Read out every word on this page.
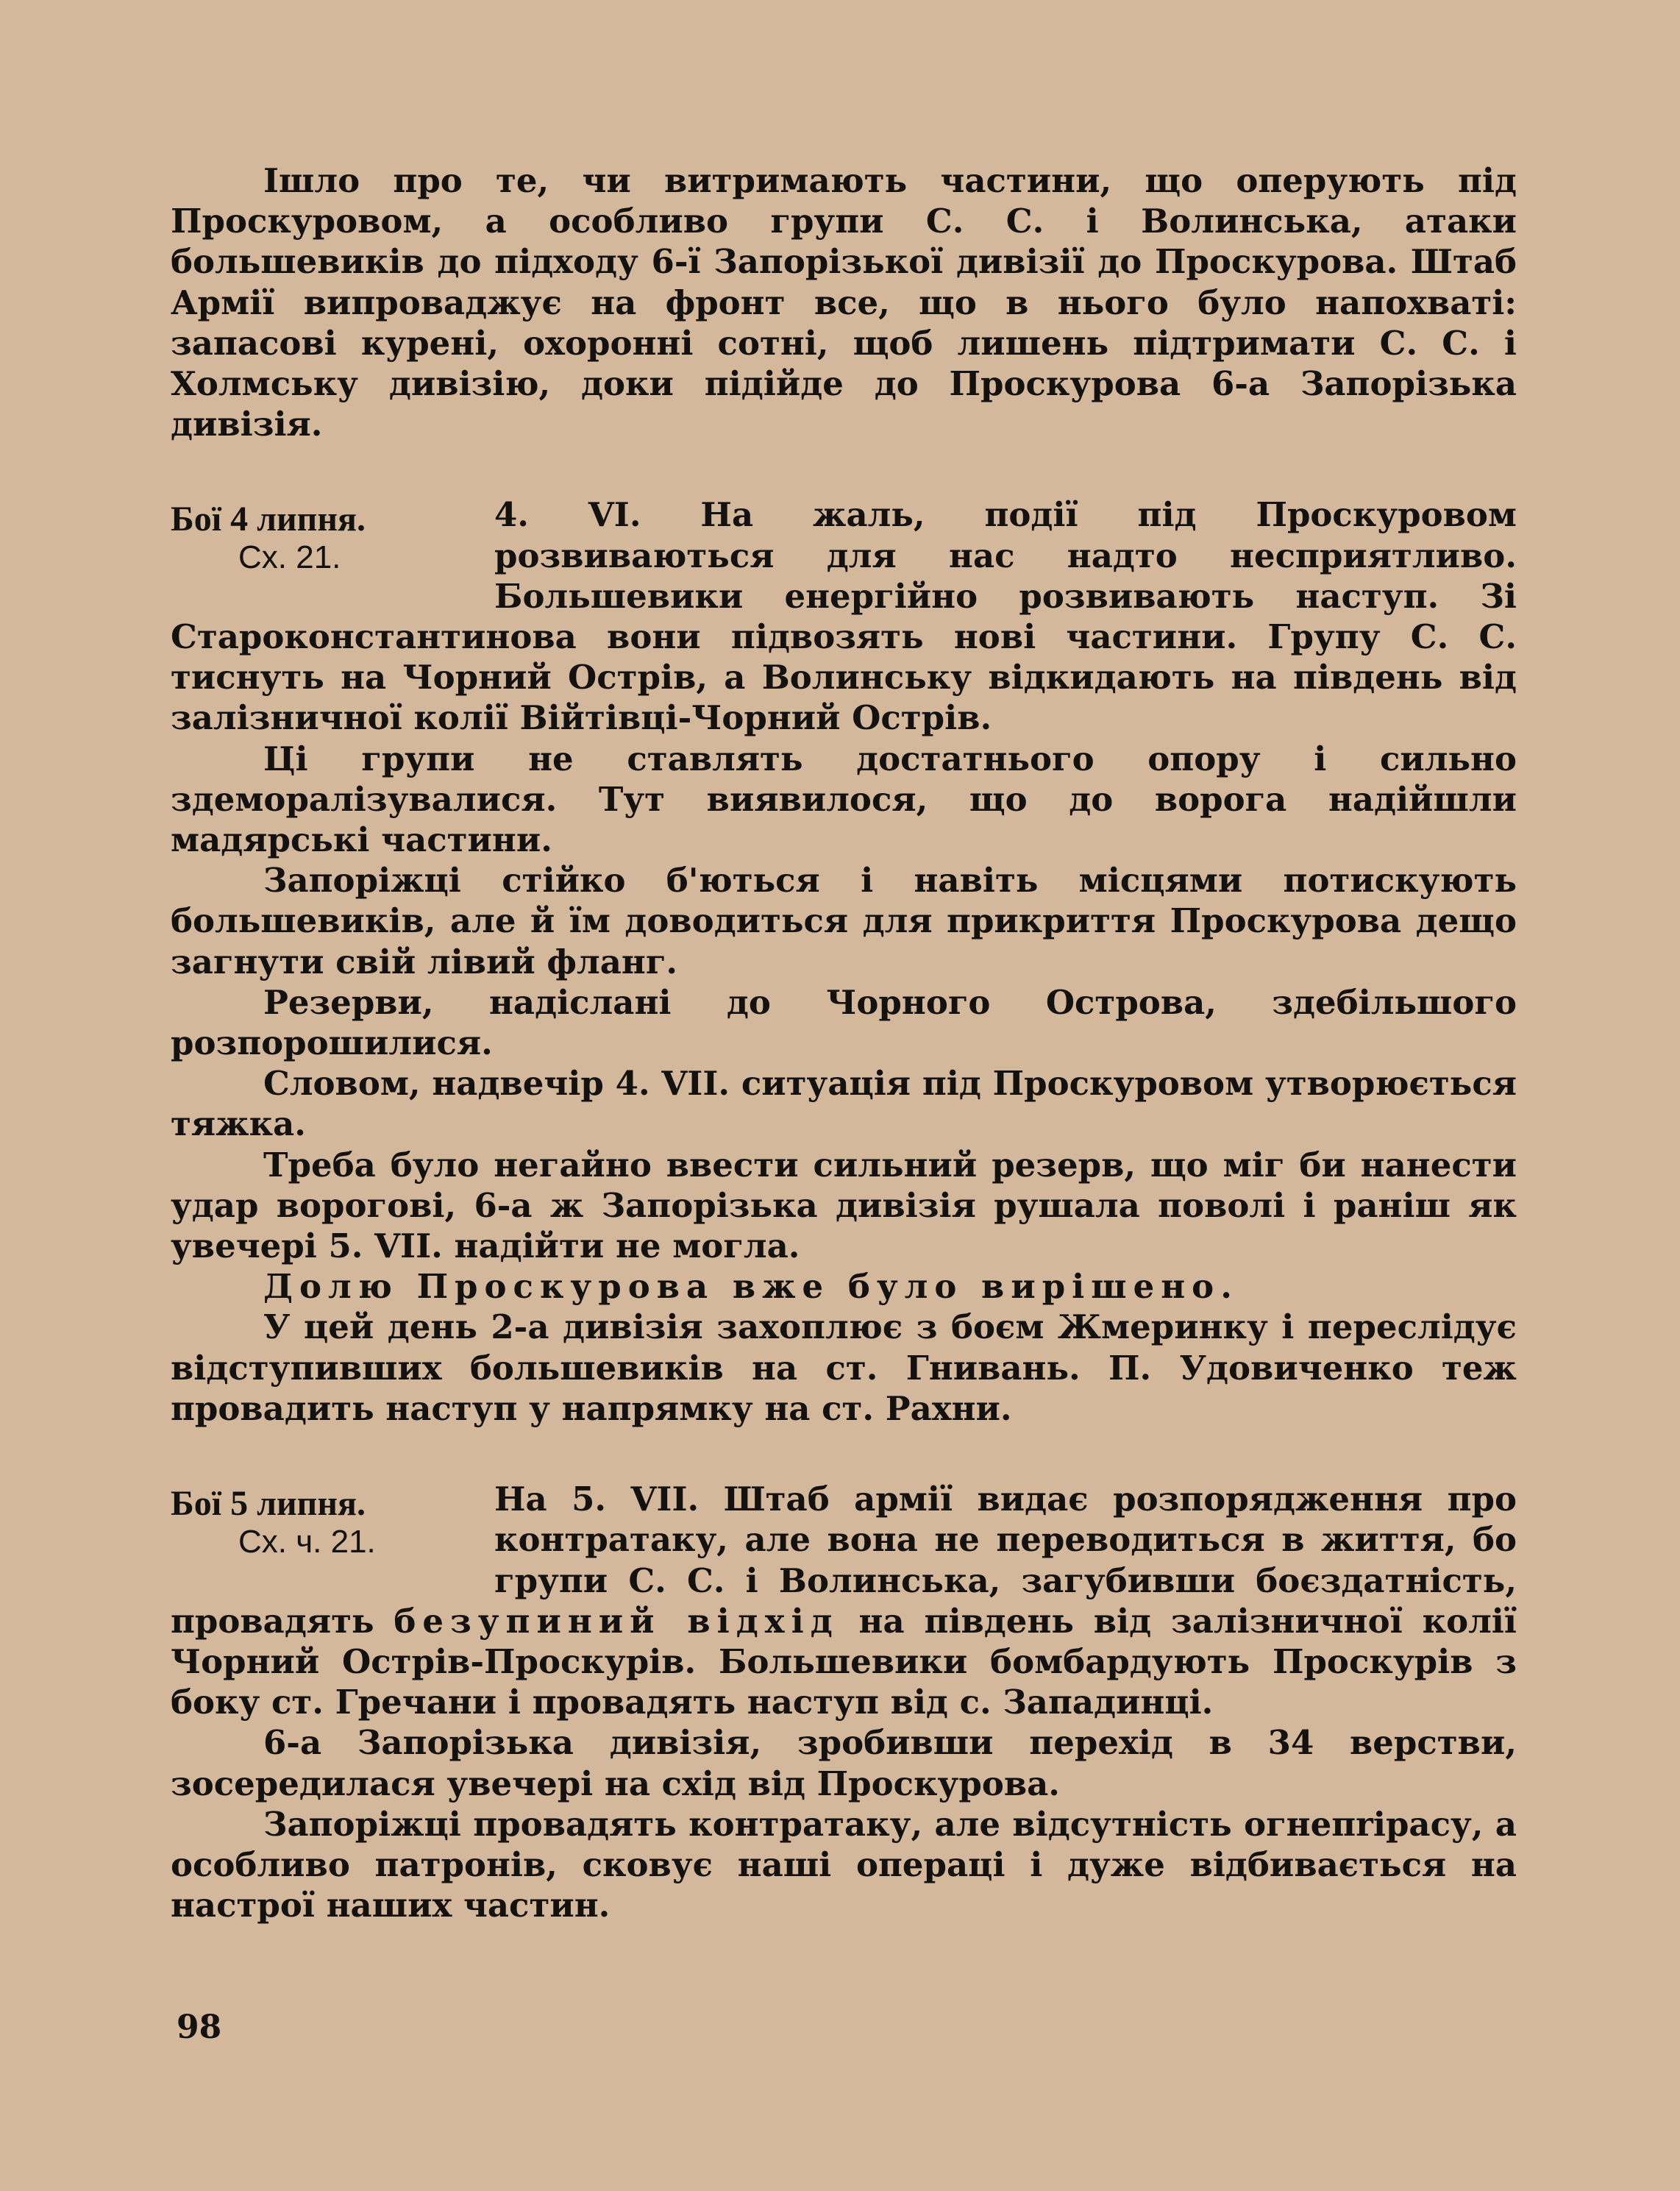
Ішло про те, чи витримають частини, що оперують під Проскуровом, а особливо групи С. С. і Волинська, атаки большевиків до підходу 6-ї Запорізької дивізії до Проскурова. Штаб Армії випроваджує на фронт все, що в нього було напохваті: запасові курені, охоронні сотні, щоб лишень підтримати С. С. і Холмську дивізію, доки підійде до Проскурова 6-а Запорізька дивізія.

Бої 4 липня.
Сх. 21.

4. VI. На жаль, події під Проскуровом розвиваються для нас надто несприятливо. Большевики енергійно розвивають наступ. Зі Староконстантинова вони підвозять нові частини. Групу С. С. тиснуть на Чорний Острів, а Волинську відкидають на південь від залізничної колії Війтівці-Чорний Острів.

Ці групи не ставлять достатнього опору і сильно здеморалізувалися. Тут виявилося, що до ворога надійшли мадярські частини.

Запоріжці стійко б'ються і навіть місцями потискують большевиків, але й їм доводиться для прикриття Проскурова дещо загнути свій лівий фланг.

Резерви, надіслані до Чорного Острова, здебільшого розпорошилися.

Словом, надвечір 4. VII. ситуація під Проскуровом утворюється тяжка.

Треба було негайно ввести сильний резерв, що міг би нанести удар ворогові, 6-а ж Запорізька дивізія рушала поволі і раніш як увечері 5. VII. надійти не могла.

Долю Проскурова вже було вирішено.

У цей день 2-а дивізія захоплює з боєм Жмеринку і переслідує відступивших большевиків на ст. Гнивань. П. Удовиченко теж провадить наступ у напрямку на ст. Рахни.

Бої 5 липня.
Сх. ч. 21.

На 5. VII. Штаб армії видає розпорядження про контратаку, але вона не переводиться в життя, бо групи С. С. і Волинська, загубивши боєздатність, провадять безупиний відхід на південь від залізничної колії Чорний Острів-Проскурів. Большевики бомбардують Проскурів з боку ст. Гречани і провадять наступ від с. Западинці.

6-а Запорізька дивізія, зробивши перехід в 34 верстви, зосередилася увечері на схід від Проскурова.

Запоріжці провадять контратаку, але відсутність огнепripасу, а особливо патронів, сковує наші операці і дуже відбивається на настрої наших частин.

98
